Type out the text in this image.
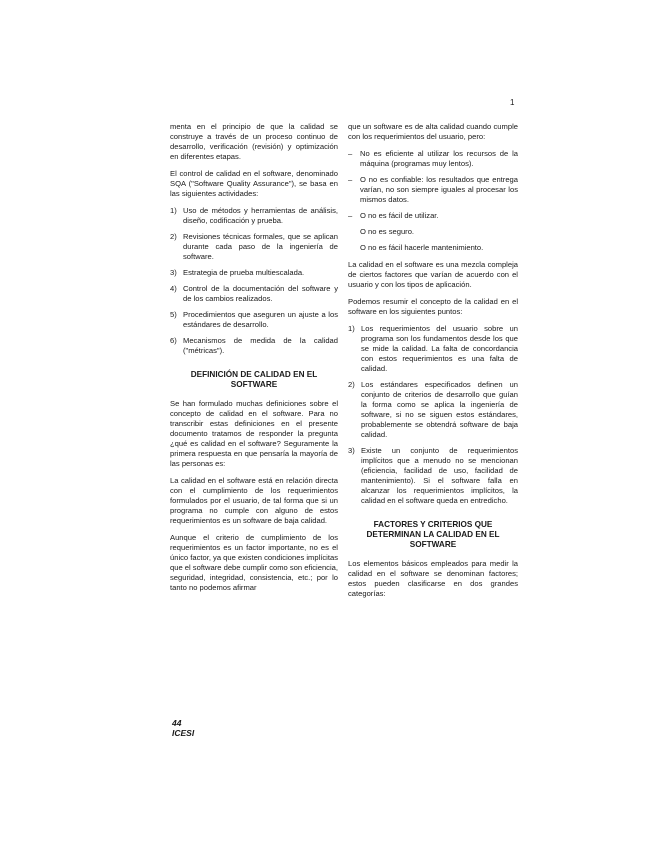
1

menta en el principio de que la calidad se construye a través de un proceso continuo de desarrollo, verificación (revisión) y optimización en diferentes etapas.

El control de calidad en el software, denominado SQA ("Software Quality Assurance"), se basa en las siguientes actividades:

1) Uso de métodos y herramientas de análisis, diseño, codificación y prueba.
2) Revisiones técnicas formales, que se aplican durante cada paso de la ingeniería de software.
3) Estrategia de prueba multiescalada.
4) Control de la documentación del software y de los cambios realizados.
5) Procedimientos que aseguren un ajuste a los estándares de desarrollo.
6) Mecanismos de medida de la calidad ("métricas").
DEFINICIÓN DE CALIDAD EN EL SOFTWARE

Se han formulado muchas definiciones sobre el concepto de calidad en el software. Para no transcribir estas definiciones en el presente documento tratamos de responder la pregunta ¿qué es calidad en el software? Seguramente la primera respuesta en que pensaría la mayoría de las personas es:

La calidad en el software está en relación directa con el cumplimiento de los requerimientos formulados por el usuario, de tal forma que si un programa no cumple con alguno de estos requerimientos es un software de baja calidad.

Aunque el criterio de cumplimiento de los requerimientos es un factor importante, no es el único factor, ya que existen condiciones implícitas que el software debe cumplir como son eficiencia, seguridad, integridad, consistencia, etc.; por lo tanto no podemos afirmar

que un software es de alta calidad cuando cumple con los requerimientos del usuario, pero:

–	No es eficiente al utilizar los recursos de la máquina (programas muy lentos).
–	O no es confiable: los resultados que entrega varían, no son siempre iguales al procesar los mismos datos.
–	O no es fácil de utilizar.
O no es seguro.
O no es fácil hacerle mantenimiento.

La calidad en el software es una mezcla compleja de ciertos factores que varían de acuerdo con el usuario y con los tipos de aplicación.

Podemos resumir el concepto de la calidad en el software en los siguientes puntos:

1) Los requerimientos del usuario sobre un programa son los fundamentos desde los que se mide la calidad. La falta de concordancia con estos requerimientos es una falta de calidad.
2) Los estándares especificados definen un conjunto de criterios de desarrollo que guían la forma como se aplica la ingeniería de software, si no se siguen estos estándares, probablemente se obtendrá software de baja calidad.
3) Existe un conjunto de requerimientos implícitos que a menudo no se mencionan (eficiencia, facilidad de uso, facilidad de mantenimiento). Si el software falla en alcanzar los requerimientos implícitos, la calidad en el software queda en entredicho.
FACTORES Y CRITERIOS QUE DETERMINAN LA CALIDAD EN EL SOFTWARE

Los elementos básicos empleados para medir la calidad en el software se denominan factores; estos pueden clasificarse en dos grandes categorías:

44
ICESI
